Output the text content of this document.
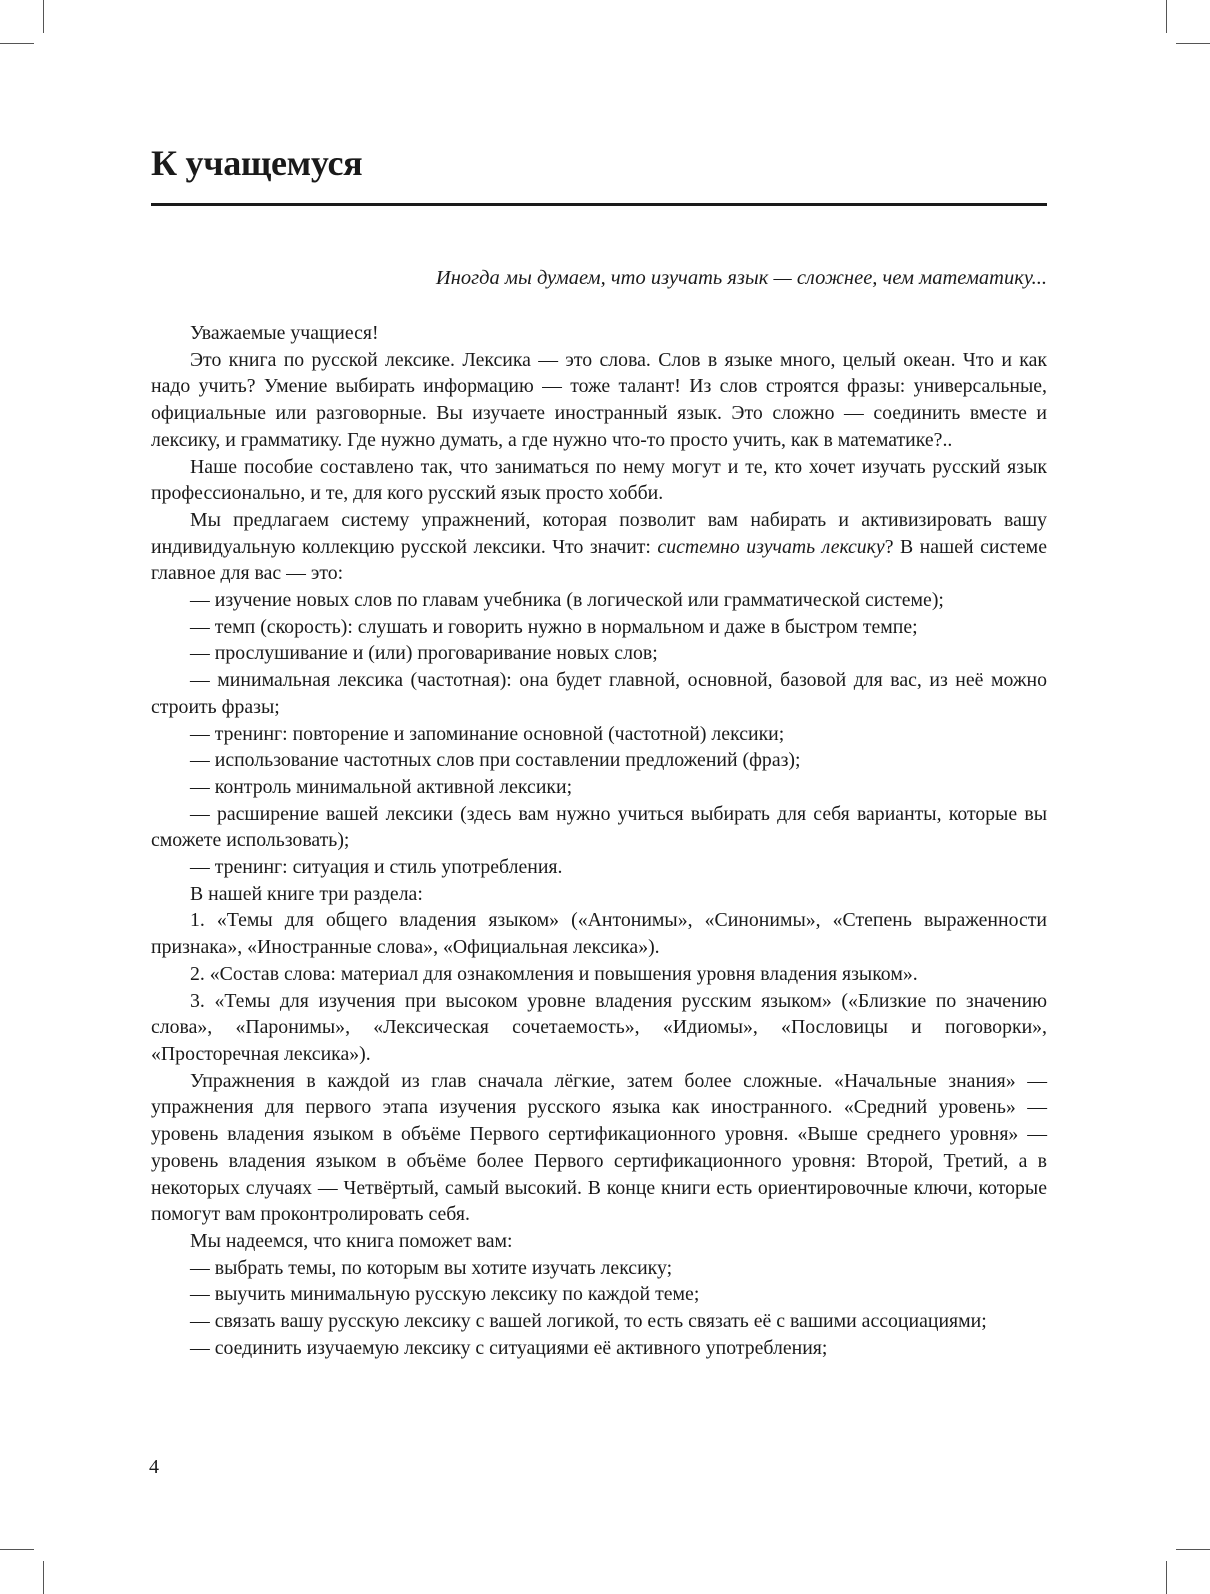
К учащемуся

Иногда мы думаем, что изучать язык — сложнее, чем математику...

Уважаемые учащиеся!

Это книга по русской лексике. Лексика — это слова. Слов в языке много, целый океан. Что и как надо учить? Умение выбирать информацию — тоже талант! Из слов строятся фразы: универсальные, официальные или разговорные. Вы изучаете иностранный язык. Это сложно — соединить вместе и лексику, и грамматику. Где нужно думать, а где нужно что-то просто учить, как в математике?..

Наше пособие составлено так, что заниматься по нему могут и те, кто хочет изучать русский язык профессионально, и те, для кого русский язык просто хобби.

Мы предлагаем систему упражнений, которая позволит вам набирать и активизировать вашу индивидуальную коллекцию русской лексики. Что значит: системно изучать лексику? В нашей системе главное для вас — это:

— изучение новых слов по главам учебника (в логической или грамматической системе);

— темп (скорость): слушать и говорить нужно в нормальном и даже в быстром темпе;

— прослушивание и (или) проговаривание новых слов;

— минимальная лексика (частотная): она будет главной, основной, базовой для вас, из неё можно строить фразы;

— тренинг: повторение и запоминание основной (частотной) лексики;

— использование частотных слов при составлении предложений (фраз);

— контроль минимальной активной лексики;

— расширение вашей лексики (здесь вам нужно учиться выбирать для себя варианты, которые вы сможете использовать);

— тренинг: ситуация и стиль употребления.

В нашей книге три раздела:

1. «Темы для общего владения языком» («Антонимы», «Синонимы», «Степень выраженности признака», «Иностранные слова», «Официальная лексика»).

2. «Состав слова: материал для ознакомления и повышения уровня владения языком».

3. «Темы для изучения при высоком уровне владения русским языком» («Близкие по значению слова», «Паронимы», «Лексическая сочетаемость», «Идиомы», «Пословицы и поговорки», «Просторечная лексика»).

Упражнения в каждой из глав сначала лёгкие, затем более сложные. «Начальные знания» — упражнения для первого этапа изучения русского языка как иностранного. «Средний уровень» — уровень владения языком в объёме Первого сертификационного уровня. «Выше среднего уровня» — уровень владения языком в объёме более Первого сертификационного уровня: Второй, Третий, а в некоторых случаях — Четвёртый, самый высокий. В конце книги есть ориентировочные ключи, которые помогут вам проконтролировать себя.

Мы надеемся, что книга поможет вам:

— выбрать темы, по которым вы хотите изучать лексику;

— выучить минимальную русскую лексику по каждой теме;

— связать вашу русскую лексику с вашей логикой, то есть связать её с вашими ассоциациями;

— соединить изучаемую лексику с ситуациями её активного употребления;

4
